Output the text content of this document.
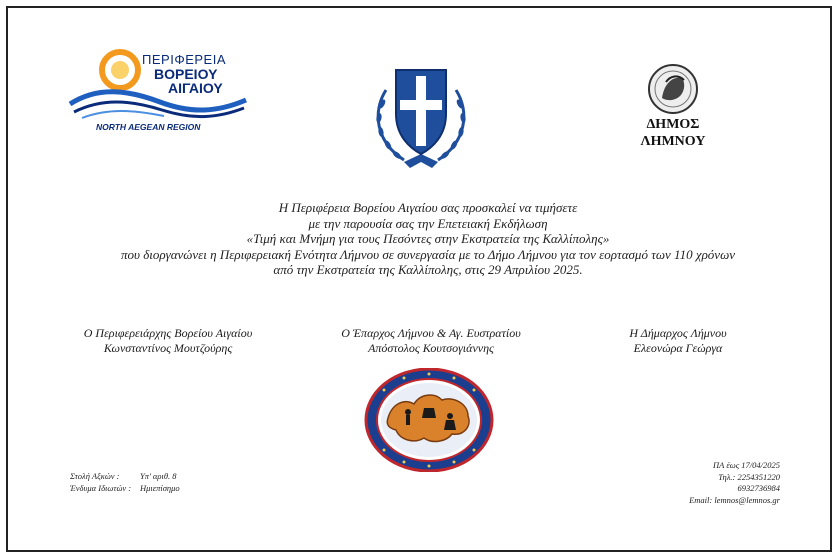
ΠΕΡΙΦΕΡΕΙΑ
ΒΟΡΕΙΟΥ
ΑΙΓΑΙΟΥ
NORTH AEGEAN REGION	ΔΗΜΟΣ
ΛΗΜΝΟΥ
Η Περιφέρεια Βορείου Αιγαίου σας προσκαλεί να τιμήσετε
με την παρουσία σας την Επετειακή Εκδήλωση
«Τιμή και Μνήμη για τους Πεσόντες στην Εκστρατεία της Καλλίπολης»
που διοργανώνει η Περιφερειακή Ενότητα Λήμνου σε συνεργασία με το Δήμο Λήμνου για τον εορτασμό των 110 χρόνων
από την Εκστρατεία της Καλλίπολης, στις 29 Απριλίου 2025.
Ο Περιφερειάρχης Βορείου Αιγαίου
Κωνσταντίνος Μουτζούρης
Ο Έπαρχος Λήμνου & Αγ. Ευστρατίου
Απόστολος Κουτσογιάννης
Η Δήμαρχος Λήμνου
Ελεονώρα Γεώργα
Στολή Αξκών :	Υπ' αριθ. 8
Ένδυμα Ιδιωτών :	Ημιεπίσημο
ΠΑ έως 17/04/2025
Τηλ.: 2254351220
6932736984
Email: lemnos@lemnos.gr
